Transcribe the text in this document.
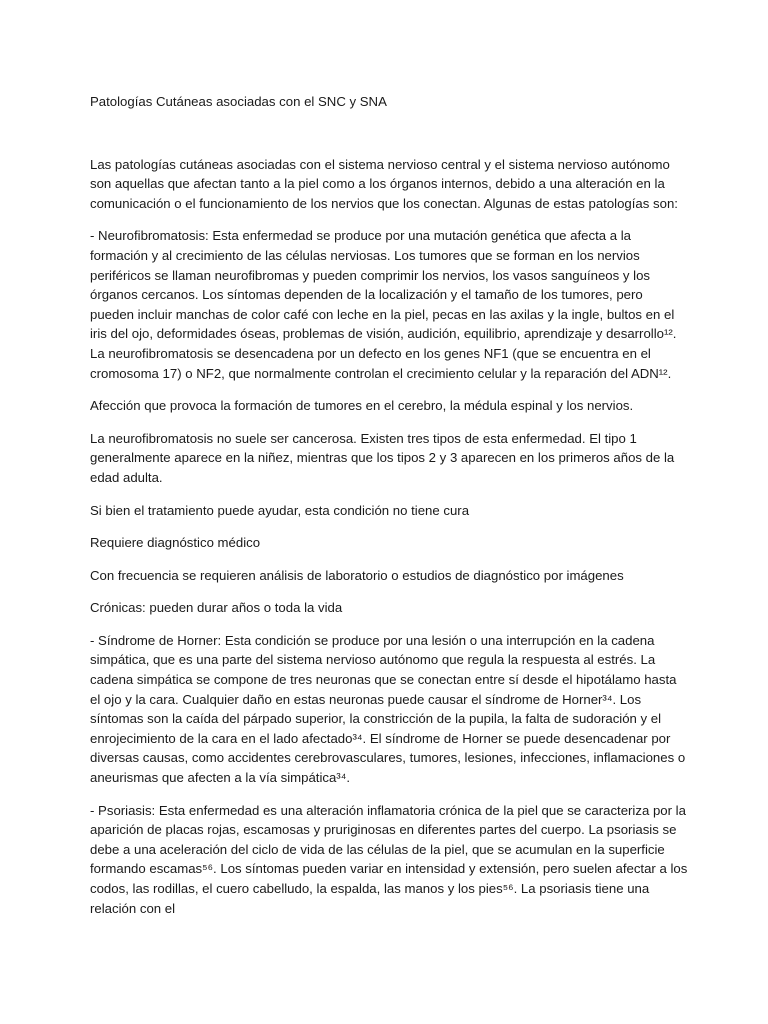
Patologías Cutáneas asociadas con el SNC y SNA

Las patologías cutáneas asociadas con el sistema nervioso central y el sistema nervioso autónomo son aquellas que afectan tanto a la piel como a los órganos internos, debido a una alteración en la comunicación o el funcionamiento de los nervios que los conectan. Algunas de estas patologías son:

- Neurofibromatosis: Esta enfermedad se produce por una mutación genética que afecta a la formación y al crecimiento de las células nerviosas. Los tumores que se forman en los nervios periféricos se llaman neurofibromas y pueden comprimir los nervios, los vasos sanguíneos y los órganos cercanos. Los síntomas dependen de la localización y el tamaño de los tumores, pero pueden incluir manchas de color café con leche en la piel, pecas en las axilas y la ingle, bultos en el iris del ojo, deformidades óseas, problemas de visión, audición, equilibrio, aprendizaje y desarrollo¹². La neurofibromatosis se desencadena por un defecto en los genes NF1 (que se encuentra en el cromosoma 17) o NF2, que normalmente controlan el crecimiento celular y la reparación del ADN¹².

Afección que provoca la formación de tumores en el cerebro, la médula espinal y los nervios.

La neurofibromatosis no suele ser cancerosa. Existen tres tipos de esta enfermedad. El tipo 1 generalmente aparece en la niñez, mientras que los tipos 2 y 3 aparecen en los primeros años de la edad adulta.

Si bien el tratamiento puede ayudar, esta condición no tiene cura

Requiere diagnóstico médico

Con frecuencia se requieren análisis de laboratorio o estudios de diagnóstico por imágenes

Crónicas: pueden durar años o toda la vida

- Síndrome de Horner: Esta condición se produce por una lesión o una interrupción en la cadena simpática, que es una parte del sistema nervioso autónomo que regula la respuesta al estrés. La cadena simpática se compone de tres neuronas que se conectan entre sí desde el hipotálamo hasta el ojo y la cara. Cualquier daño en estas neuronas puede causar el síndrome de Horner³⁴. Los síntomas son la caída del párpado superior, la constricción de la pupila, la falta de sudoración y el enrojecimiento de la cara en el lado afectado³⁴. El síndrome de Horner se puede desencadenar por diversas causas, como accidentes cerebrovasculares, tumores, lesiones, infecciones, inflamaciones o aneurismas que afecten a la vía simpática³⁴.

- Psoriasis: Esta enfermedad es una alteración inflamatoria crónica de la piel que se caracteriza por la aparición de placas rojas, escamosas y pruriginosas en diferentes partes del cuerpo. La psoriasis se debe a una aceleración del ciclo de vida de las células de la piel, que se acumulan en la superficie formando escamas⁵⁶. Los síntomas pueden variar en intensidad y extensión, pero suelen afectar a los codos, las rodillas, el cuero cabelludo, la espalda, las manos y los pies⁵⁶. La psoriasis tiene una relación con el
